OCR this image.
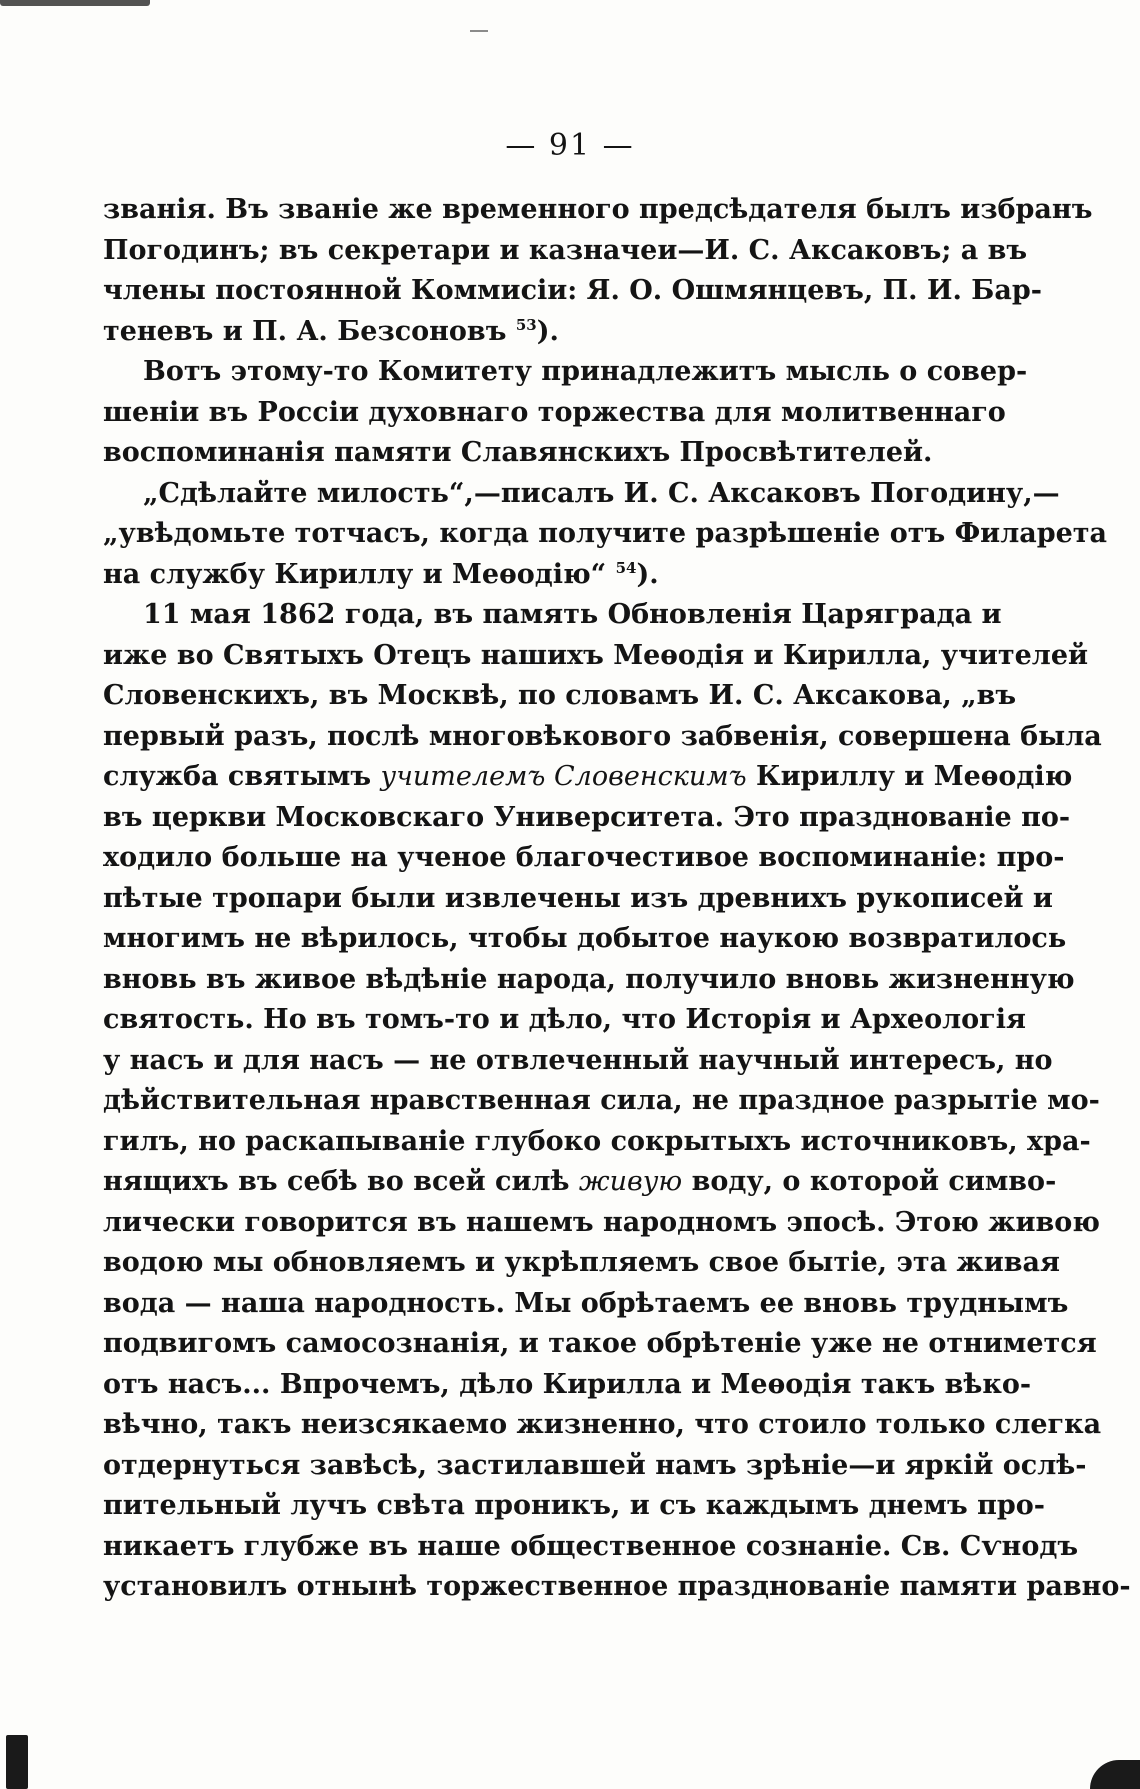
— 91 —
званія. Въ званіе же временного предсѣдателя былъ избранъ
Погодинъ; въ секретари и казначеи—И. С. Аксаковъ; а въ
члены постоянной Коммисіи: Я. О. Ошмянцевъ, П. И. Бар-
теневъ и П. А. Безсоновъ $^{53}$).
Вотъ этому-то Комитету принадлежитъ мысль о совер-
шеніи въ Россіи духовнаго торжества для молитвеннаго
воспоминанія памяти Славянскихъ Просвѣтителей.
„Сдѣлайте милость“,—писалъ И. С. Аксаковъ Погодину,—
„увѣдомьте тотчасъ, когда получите разрѣшеніе отъ Филарета
на службу Кириллу и Меѳодію“ $^{54}$).
11 мая 1862 года, въ память Обновленія Царяграда и
иже во Святыхъ Отецъ нашихъ Меѳодія и Кирилла, учителей
Словенскихъ, въ Москвѣ, по словамъ И. С. Аксакова, „въ
первый разъ, послѣ многовѣкового забвенія, совершена была
служба святымъ учителемъ Словенскимъ Кириллу и Меѳодію
въ церкви Московскаго Университета. Это празднованіе по-
ходило больше на ученое благочестивое воспоминаніе: про-
пѣтые тропари были извлечены изъ древнихъ рукописей и
многимъ не вѣрилось, чтобы добытое наукою возвратилось
вновь въ живое вѣдѣніе народа, получило вновь жизненную
святость. Но въ томъ-то и дѣло, что Исторія и Археологія
у насъ и для насъ — не отвлеченный научный интересъ, но
дѣйствительная нравственная сила, не праздное разрытіе мо-
гилъ, но раскапываніе глубоко сокрытыхъ источниковъ, хра-
нящихъ въ себѣ во всей силѣ живую воду, о которой симво-
лически говорится въ нашемъ народномъ эпосѣ. Этою живою
водою мы обновляемъ и укрѣпляемъ свое бытіе, эта живая
вода — наша народность. Мы обрѣтаемъ ее вновь труднымъ
подвигомъ самосознанія, и такое обрѣтеніе уже не отнимется
отъ насъ... Впрочемъ, дѣло Кирилла и Меѳодія такъ вѣко-
вѣчно, такъ неизсякаемо жизненно, что стоило только слегка
отдернуться завѣсѣ, застилавшей намъ зрѣніе—и яркій ослѣ-
пительный лучъ свѣта проникъ, и съ каждымъ днемъ про-
никаетъ глубже въ наше общественное сознаніе. Св. Сѵнодъ
установилъ отнынѣ торжественное празднованіе памяти равно-
